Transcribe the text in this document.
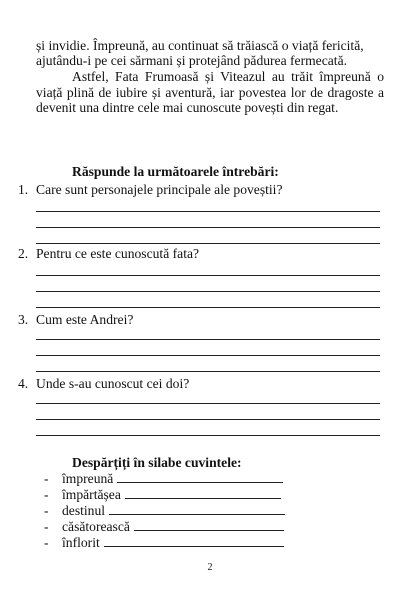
și invidie. Împreună, au continuat să trăiască o viață fericită,
ajutându-i pe cei sărmani și protejând pădurea fermecată.

Astfel, Fata Frumoasă și Viteazul au trăit împreună o viață plină de iubire și aventură, iar povestea lor de dragoste a devenit una dintre cele mai cunoscute povești din regat.

Răspunde la următoarele întrebări:
1. Care sunt personajele principale ale poveștii?
2. Pentru ce este cunoscută fata?
3. Cum este Andrei?
4. Unde s-au cunoscut cei doi?
Despărțiți în silabe cuvintele:
- împreună
- împărtășea
- destinul
- căsătorească
- înflorit
2
